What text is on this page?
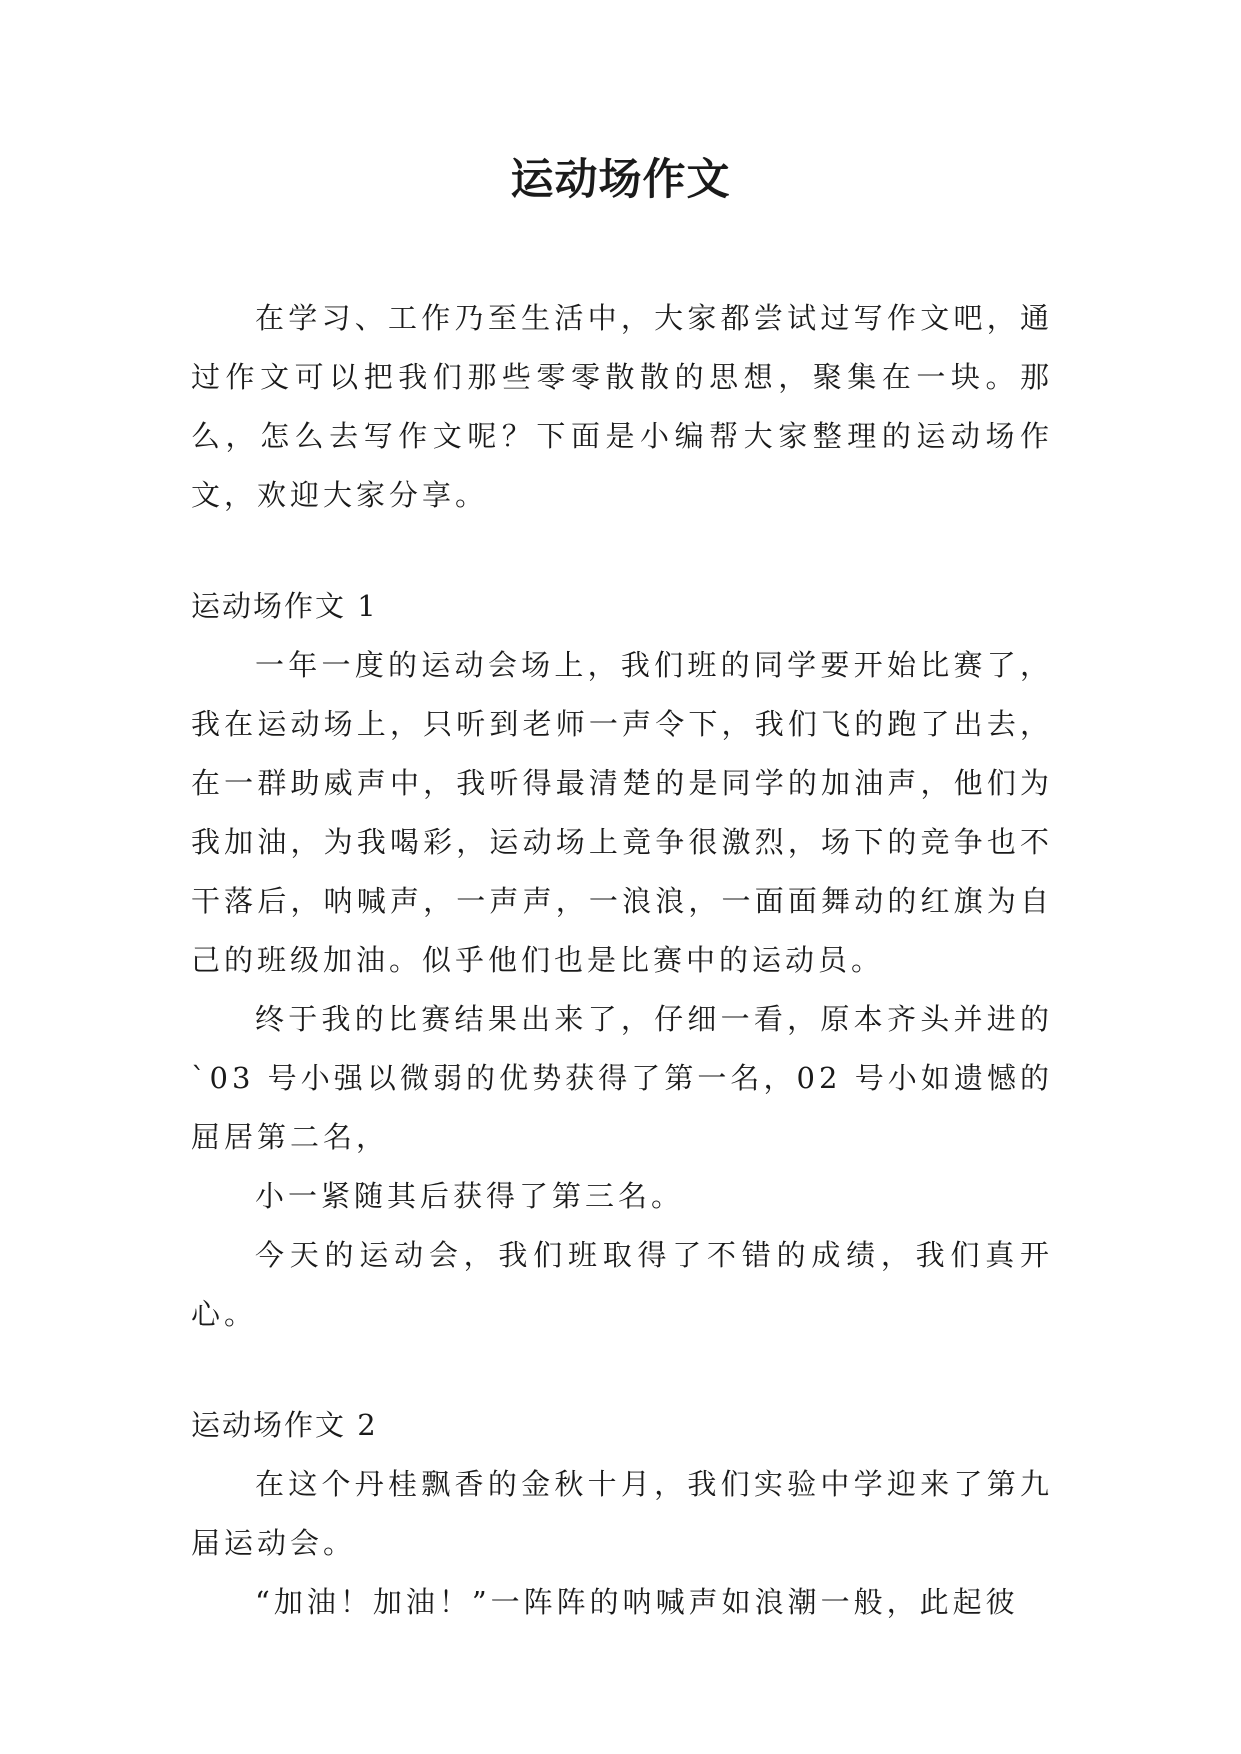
运动场作文

在学习、工作乃至生活中，大家都尝试过写作文吧，通过作文可以把我们那些零零散散的思想，聚集在一块。那么，怎么去写作文呢？下面是小编帮大家整理的运动场作文，欢迎大家分享。

运动场作文 1

一年一度的运动会场上，我们班的同学要开始比赛了，我在运动场上，只听到老师一声令下，我们飞的跑了出去，在一群助威声中，我听得最清楚的是同学的加油声，他们为我加油，为我喝彩，运动场上竟争很激烈，场下的竞争也不干落后，呐喊声，一声声，一浪浪，一面面舞动的红旗为自己的班级加油。似乎他们也是比赛中的运动员。

终于我的比赛结果出来了，仔细一看，原本齐头并进的`03 号小强以微弱的优势获得了第一名，02 号小如遗憾的屈居第二名，

小一紧随其后获得了第三名。

今天的运动会，我们班取得了不错的成绩，我们真开心。

运动场作文 2

在这个丹桂飘香的金秋十月，我们实验中学迎来了第九届运动会。

“加油！加油！”一阵阵的呐喊声如浪潮一般，此起彼
